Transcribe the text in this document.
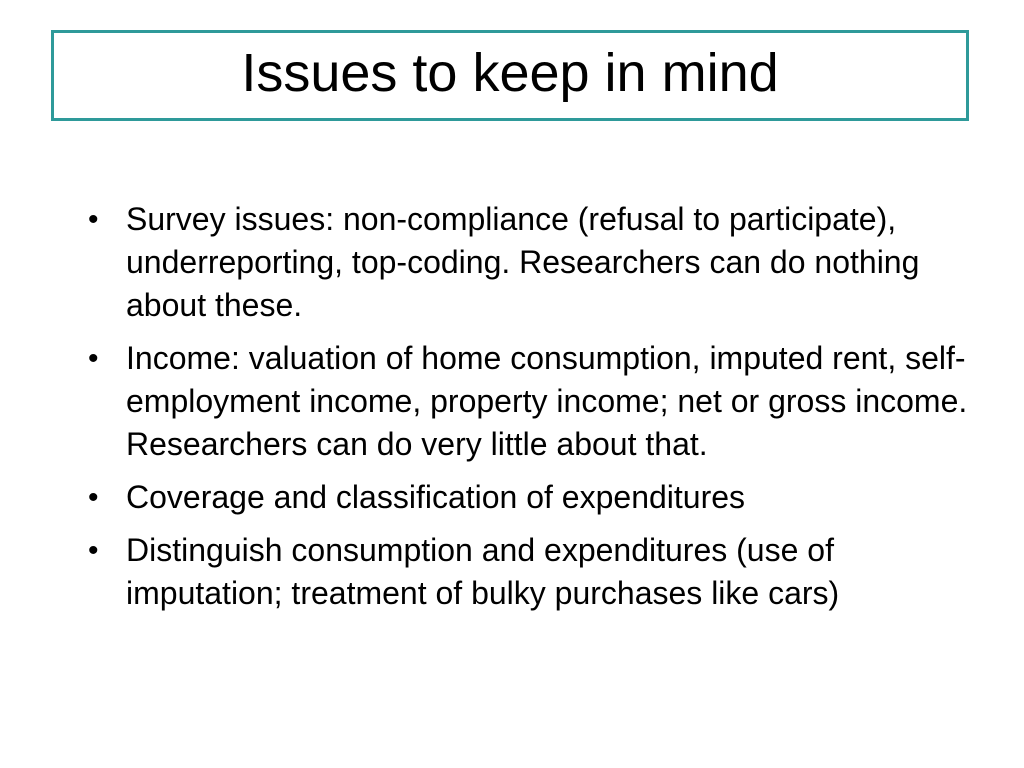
Issues to keep in mind
• Survey issues: non-compliance (refusal to participate), underreporting, top-coding. Researchers can do nothing about these.
• Income: valuation of home consumption, imputed rent, self-employment income, property income; net or gross income. Researchers can do very little about that.
• Coverage and classification of expenditures
• Distinguish consumption and expenditures (use of imputation; treatment of bulky purchases like cars)
